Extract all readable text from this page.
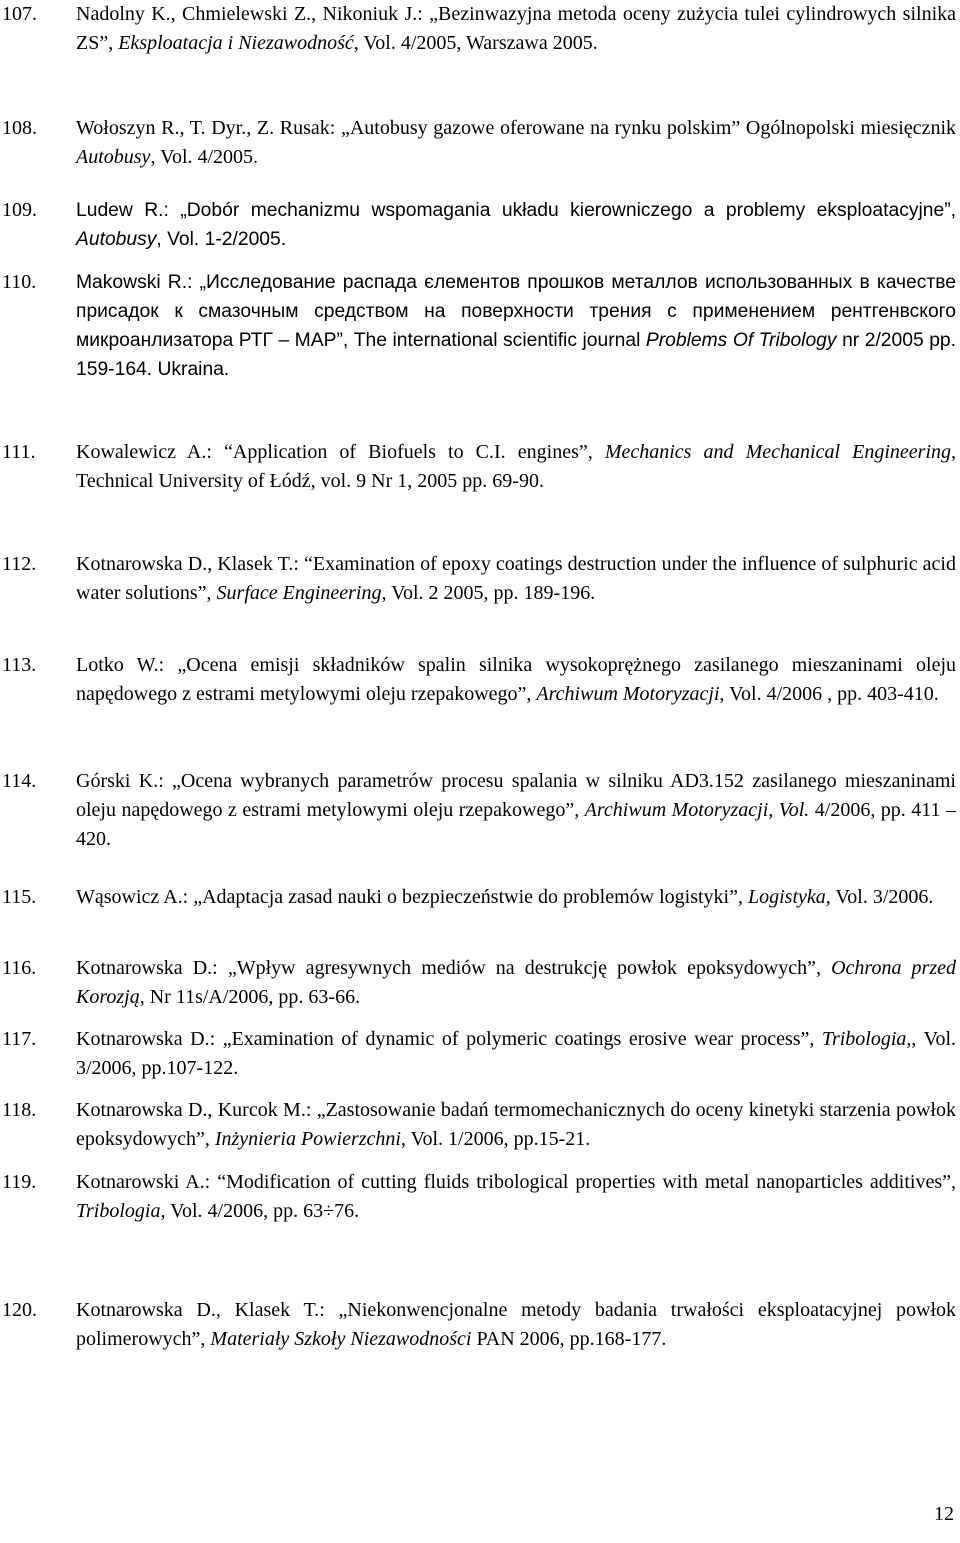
107.	Nadolny K., Chmielewski Z., Nikoniuk J.: „Bezinwazyjna metoda oceny zużycia tulei cylindrowych silnika ZS”, Eksploatacja i Niezawodność, Vol. 4/2005, Warszawa 2005.
108.	Wołoszyn R., T. Dyr., Z. Rusak: „Autobusy gazowe oferowane na rynku polskim” Ogólnopolski miesięcznik Autobusy, Vol. 4/2005.
109.	Ludew R.: „Dobór mechanizmu wspomagania układu kierowniczego a problemy eksploatacyjne”, Autobusy, Vol. 1-2/2005.
110.	Makowski R.: „Исследование распада єлементов прошков металлов использованных в качестве присадок к смазочным средством на поверхности трения с применением рентгенвского микроанлизатора РТГ – МАР”, The international scientific journal Problems Of Tribology nr 2/2005 pp. 159-164. Ukraina.
111.	Kowalewicz A.: “Application of Biofuels to C.I. engines”, Mechanics and Mechanical Engineering, Technical University of Łódź, vol. 9 Nr 1, 2005 pp. 69-90.
112.	Kotnarowska D., Klasek T.: “Examination of epoxy coatings destruction under the influence of sulphuric acid water solutions”, Surface Engineering, Vol. 2 2005, pp. 189-196.
113.	Lotko W.: „Ocena emisji składników spalin silnika wysokoprężnego zasilanego mieszaninami oleju napędowego z estrami metylowymi oleju rzepakowego”, Archiwum Motoryzacji, Vol. 4/2006 , pp. 403-410.
114.	Górski K.: „Ocena wybranych parametrów procesu spalania w silniku AD3.152 zasilanego mieszaninami oleju napędowego z estrami metylowymi oleju rzepakowego”, Archiwum Motoryzacji, Vol. 4/2006, pp. 411 – 420.
115.	Wąsowicz A.: „Adaptacja zasad nauki o bezpieczeństwie do problemów logistyki”, Logistyka, Vol. 3/2006.
116.	Kotnarowska D.: „Wpływ agresywnych mediów na destrukcję powłok epoksydowych”, Ochrona przed Korozją, Nr 11s/A/2006, pp. 63-66.
117.	Kotnarowska D.: „Examination of dynamic of polymeric coatings erosive wear process”, Tribologia,, Vol. 3/2006, pp.107-122.
118.	Kotnarowska D., Kurcok M.: „Zastosowanie badań termomechanicznych do oceny kinetyki starzenia powłok epoksydowych”, Inżynieria Powierzchni, Vol. 1/2006, pp.15-21.
119.	Kotnarowski A.: “Modification of cutting fluids tribological properties with metal nanoparticles additives”, Tribologia, Vol. 4/2006, pp. 63÷76.
120.	Kotnarowska D., Klasek T.: „Niekonwencjonalne metody badania trwałości eksploatacyjnej powłok polimerowych”, Materiały Szkoły Niezawodności PAN 2006, pp.168-177.
12
